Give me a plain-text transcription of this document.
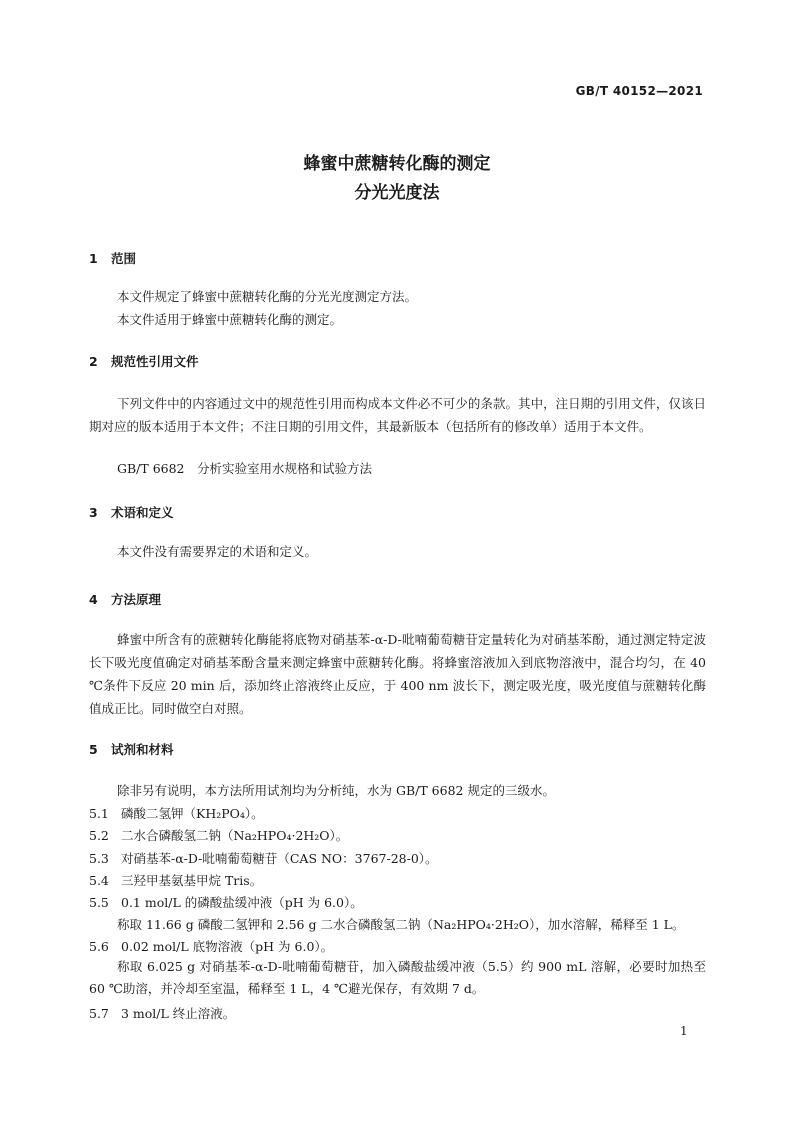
GB/T 40152—2021
蜂蜜中蔗糖转化酶的测定
分光光度法
1 范围
本文件规定了蜂蜜中蔗糖转化酶的分光光度测定方法。
本文件适用于蜂蜜中蔗糖转化酶的测定。
2 规范性引用文件
下列文件中的内容通过文中的规范性引用而构成本文件必不可少的条款。其中，注日期的引用文件，仅该日期对应的版本适用于本文件；不注日期的引用文件，其最新版本（包括所有的修改单）适用于本文件。
GB/T 6682　分析实验室用水规格和试验方法
3 术语和定义
本文件没有需要界定的术语和定义。
4 方法原理
蜂蜜中所含有的蔗糖转化酶能将底物对硝基苯-α-D-吡喃葡萄糖苷定量转化为对硝基苯酚，通过测定特定波长下吸光度值确定对硝基苯酚含量来测定蜂蜜中蔗糖转化酶。将蜂蜜溶液加入到底物溶液中，混合均匀，在 40 ℃条件下反应 20 min 后，添加终止溶液终止反应，于 400 nm 波长下，测定吸光度，吸光度值与蔗糖转化酶值成正比。同时做空白对照。
5 试剂和材料
除非另有说明，本方法所用试剂均为分析纯，水为 GB/T 6682 规定的三级水。
5.1 磷酸二氢钾（KH₂PO₄）。
5.2 二水合磷酸氢二钠（Na₂HPO₄·2H₂O）。
5.3 对硝基苯-α-D-吡喃葡萄糖苷（CAS NO：3767-28-0）。
5.4 三羟甲基氨基甲烷 Tris。
5.5 0.1 mol/L 的磷酸盐缓冲液（pH 为 6.0）。
称取 11.66 g 磷酸二氢钾和 2.56 g 二水合磷酸氢二钠（Na₂HPO₄·2H₂O），加水溶解，稀释至 1 L。
5.6 0.02 mol/L 底物溶液（pH 为 6.0）。
称取 6.025 g 对硝基苯-α-D-吡喃葡萄糖苷，加入磷酸盐缓冲液（5.5）约 900 mL 溶解，必要时加热至 60 ℃助溶，并冷却至室温，稀释至 1 L，4 ℃避光保存，有效期 7 d。
5.7 3 mol/L 终止溶液。
1
